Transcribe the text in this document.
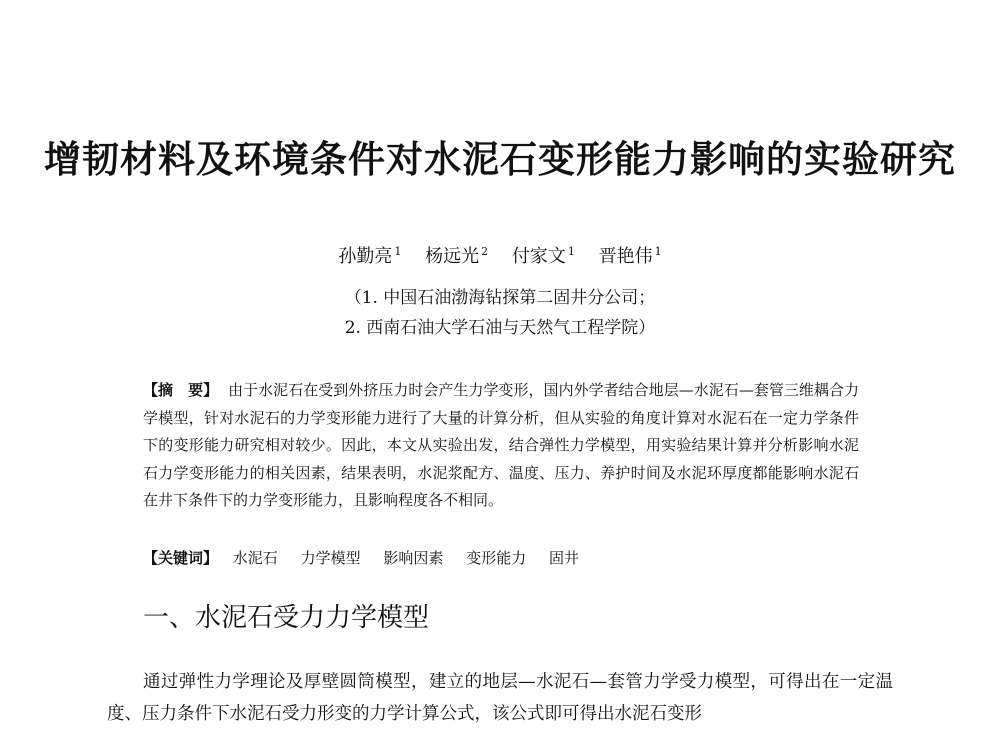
增韧材料及环境条件对水泥石变形能力影响的实验研究
孙勤亮 $^1$ 杨远光 $^2$ 付家文 $^1$ 晋艳伟 $^1$
（1. 中国石油渤海钻探第二固井分公司；
2. 西南石油大学石油与天然气工程学院）
【摘　要】 由于水泥石在受到外挤压力时会产生力学变形，国内外学者结合地层—水泥石—套管三维耦合力学模型，针对水泥石的力学变形能力进行了大量的计算分析，但从实验的角度计算对水泥石在一定力学条件下的变形能力研究相对较少。因此，本文从实验出发，结合弹性力学模型，用实验结果计算并分析影响水泥石力学变形能力的相关因素，结果表明，水泥浆配方、温度、压力、养护时间及水泥环厚度都能影响水泥石在井下条件下的力学变形能力，且影响程度各不相同。
【关键词】 水泥石 力学模型 影响因素 变形能力 固井
一、水泥石受力力学模型

通过弹性力学理论及厚壁圆筒模型，建立的地层—水泥石—套管力学受力模型，可得出在一定温度、压力条件下水泥石受力形变的力学计算公式，该公式即可得出水泥石变形
